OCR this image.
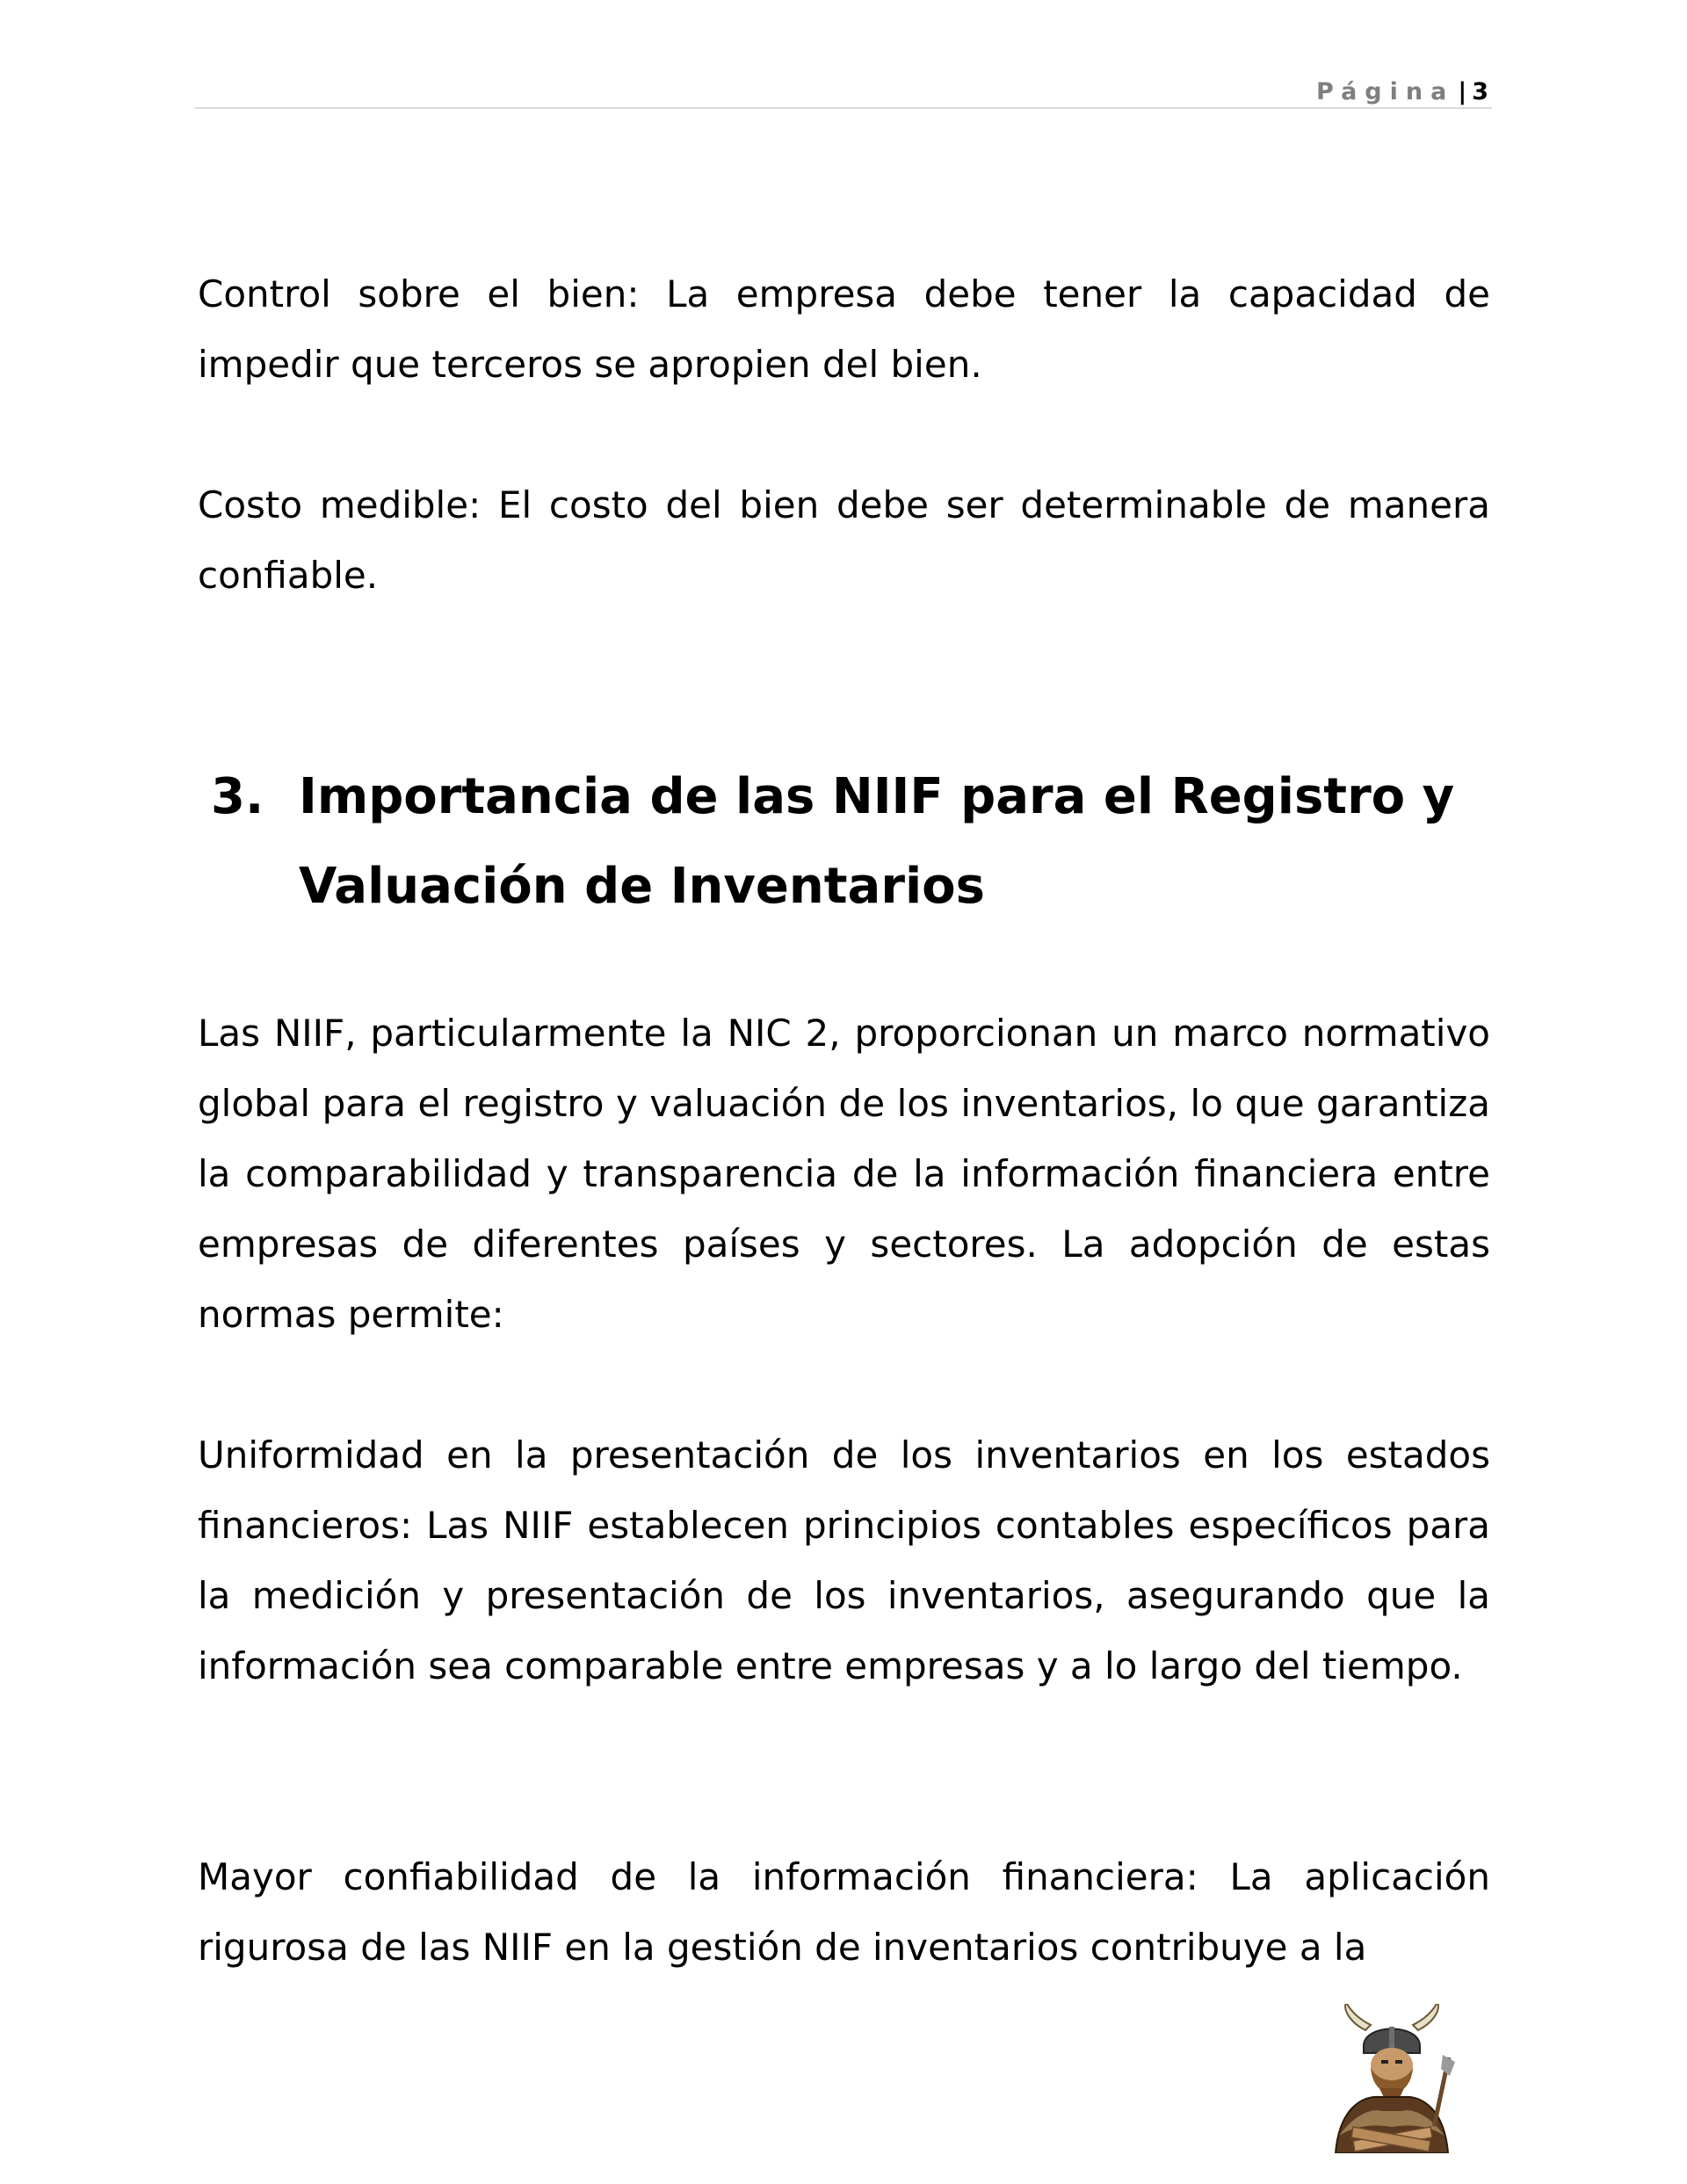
Página | 3

Control sobre el bien: La empresa debe tener la capacidad de impedir que terceros se apropien del bien.

Costo medible: El costo del bien debe ser determinable de manera confiable.

3. Importancia de las NIIF para el Registro y Valuación de Inventarios

Las NIIF, particularmente la NIC 2, proporcionan un marco normativo global para el registro y valuación de los inventarios, lo que garantiza la comparabilidad y transparencia de la información financiera entre empresas de diferentes países y sectores. La adopción de estas normas permite:

Uniformidad en la presentación de los inventarios en los estados financieros: Las NIIF establecen principios contables específicos para la medición y presentación de los inventarios, asegurando que la información sea comparable entre empresas y a lo largo del tiempo.

Mayor confiabilidad de la información financiera: La aplicación rigurosa de las NIIF en la gestión de inventarios contribuye a la
